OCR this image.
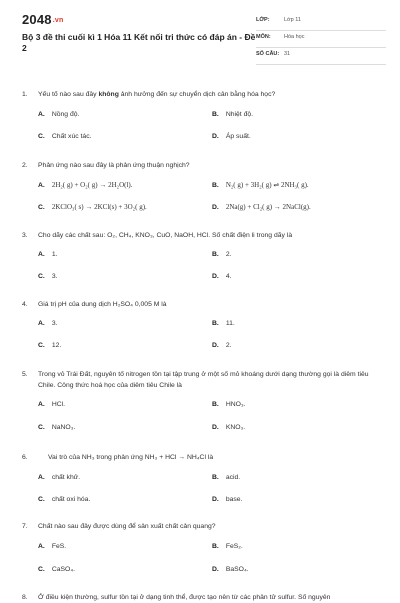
2048.vn
Bộ 3 đề thi cuối kì 1 Hóa 11 Kết nối tri thức có đáp án - Đề 2
LỚP:	Lớp 11
MÔN: Hóa học
SỐ CÂU: 31
1. Yếu tố nào sau đây không ảnh hưởng đến sự chuyển dịch cân bằng hóa học?
A. Nồng độ.	B. Nhiệt độ.
C. Chất xúc tác.	D. Áp suất.
2. Phản ứng nào sau đây là phản ứng thuận nghịch?
A. 2H₂( g) + O₂( g) → 2H₂O(l).	B. N₂( g) + 3H₂( g) ⇌ 2NH₃( g).
C. 2KClO₃( s) → 2KCl(s) + 3O₂( g).	D. 2Na(g) + Cl₂( g) → 2NaCl(g).
3. Cho dãy các chất sau: O₂, CH₄, KNO₃, CuO, NaOH, HCl. Số chất điện li trong dãy là
A. 1.	B. 2.
C. 3.	D. 4.
4. Giá trị pH của dung dịch H₂SO₄ 0,005 M là
A. 3.	B. 11.
C. 12.	D. 2.
5. Trong vỏ Trái Đất, nguyên tố nitrogen tồn tại tập trung ở một số mỏ khoáng dưới dạng thường gọi là diêm tiêu Chile. Công thức hoá học của diêm tiêu Chile là
A. HCl.	B. HNO₃.
C. NaNO₃.	D. KNO₃.
6.	Vai trò của NH₃ trong phản ứng NH₃ + HCl → NH₄Cl là
A. chất khử.	B. acid.
C. chất oxi hóa.	D. base.
7. Chất nào sau đây được dùng để sản xuất chất cản quang?
A. FeS.	B. FeS₂.
C. CaSO₄.	D. BaSO₄.
8. Ở điều kiện thường, sulfur tồn tại ở dạng tinh thể, được tạo nên từ các phân tử sulfur. Số nguyên
